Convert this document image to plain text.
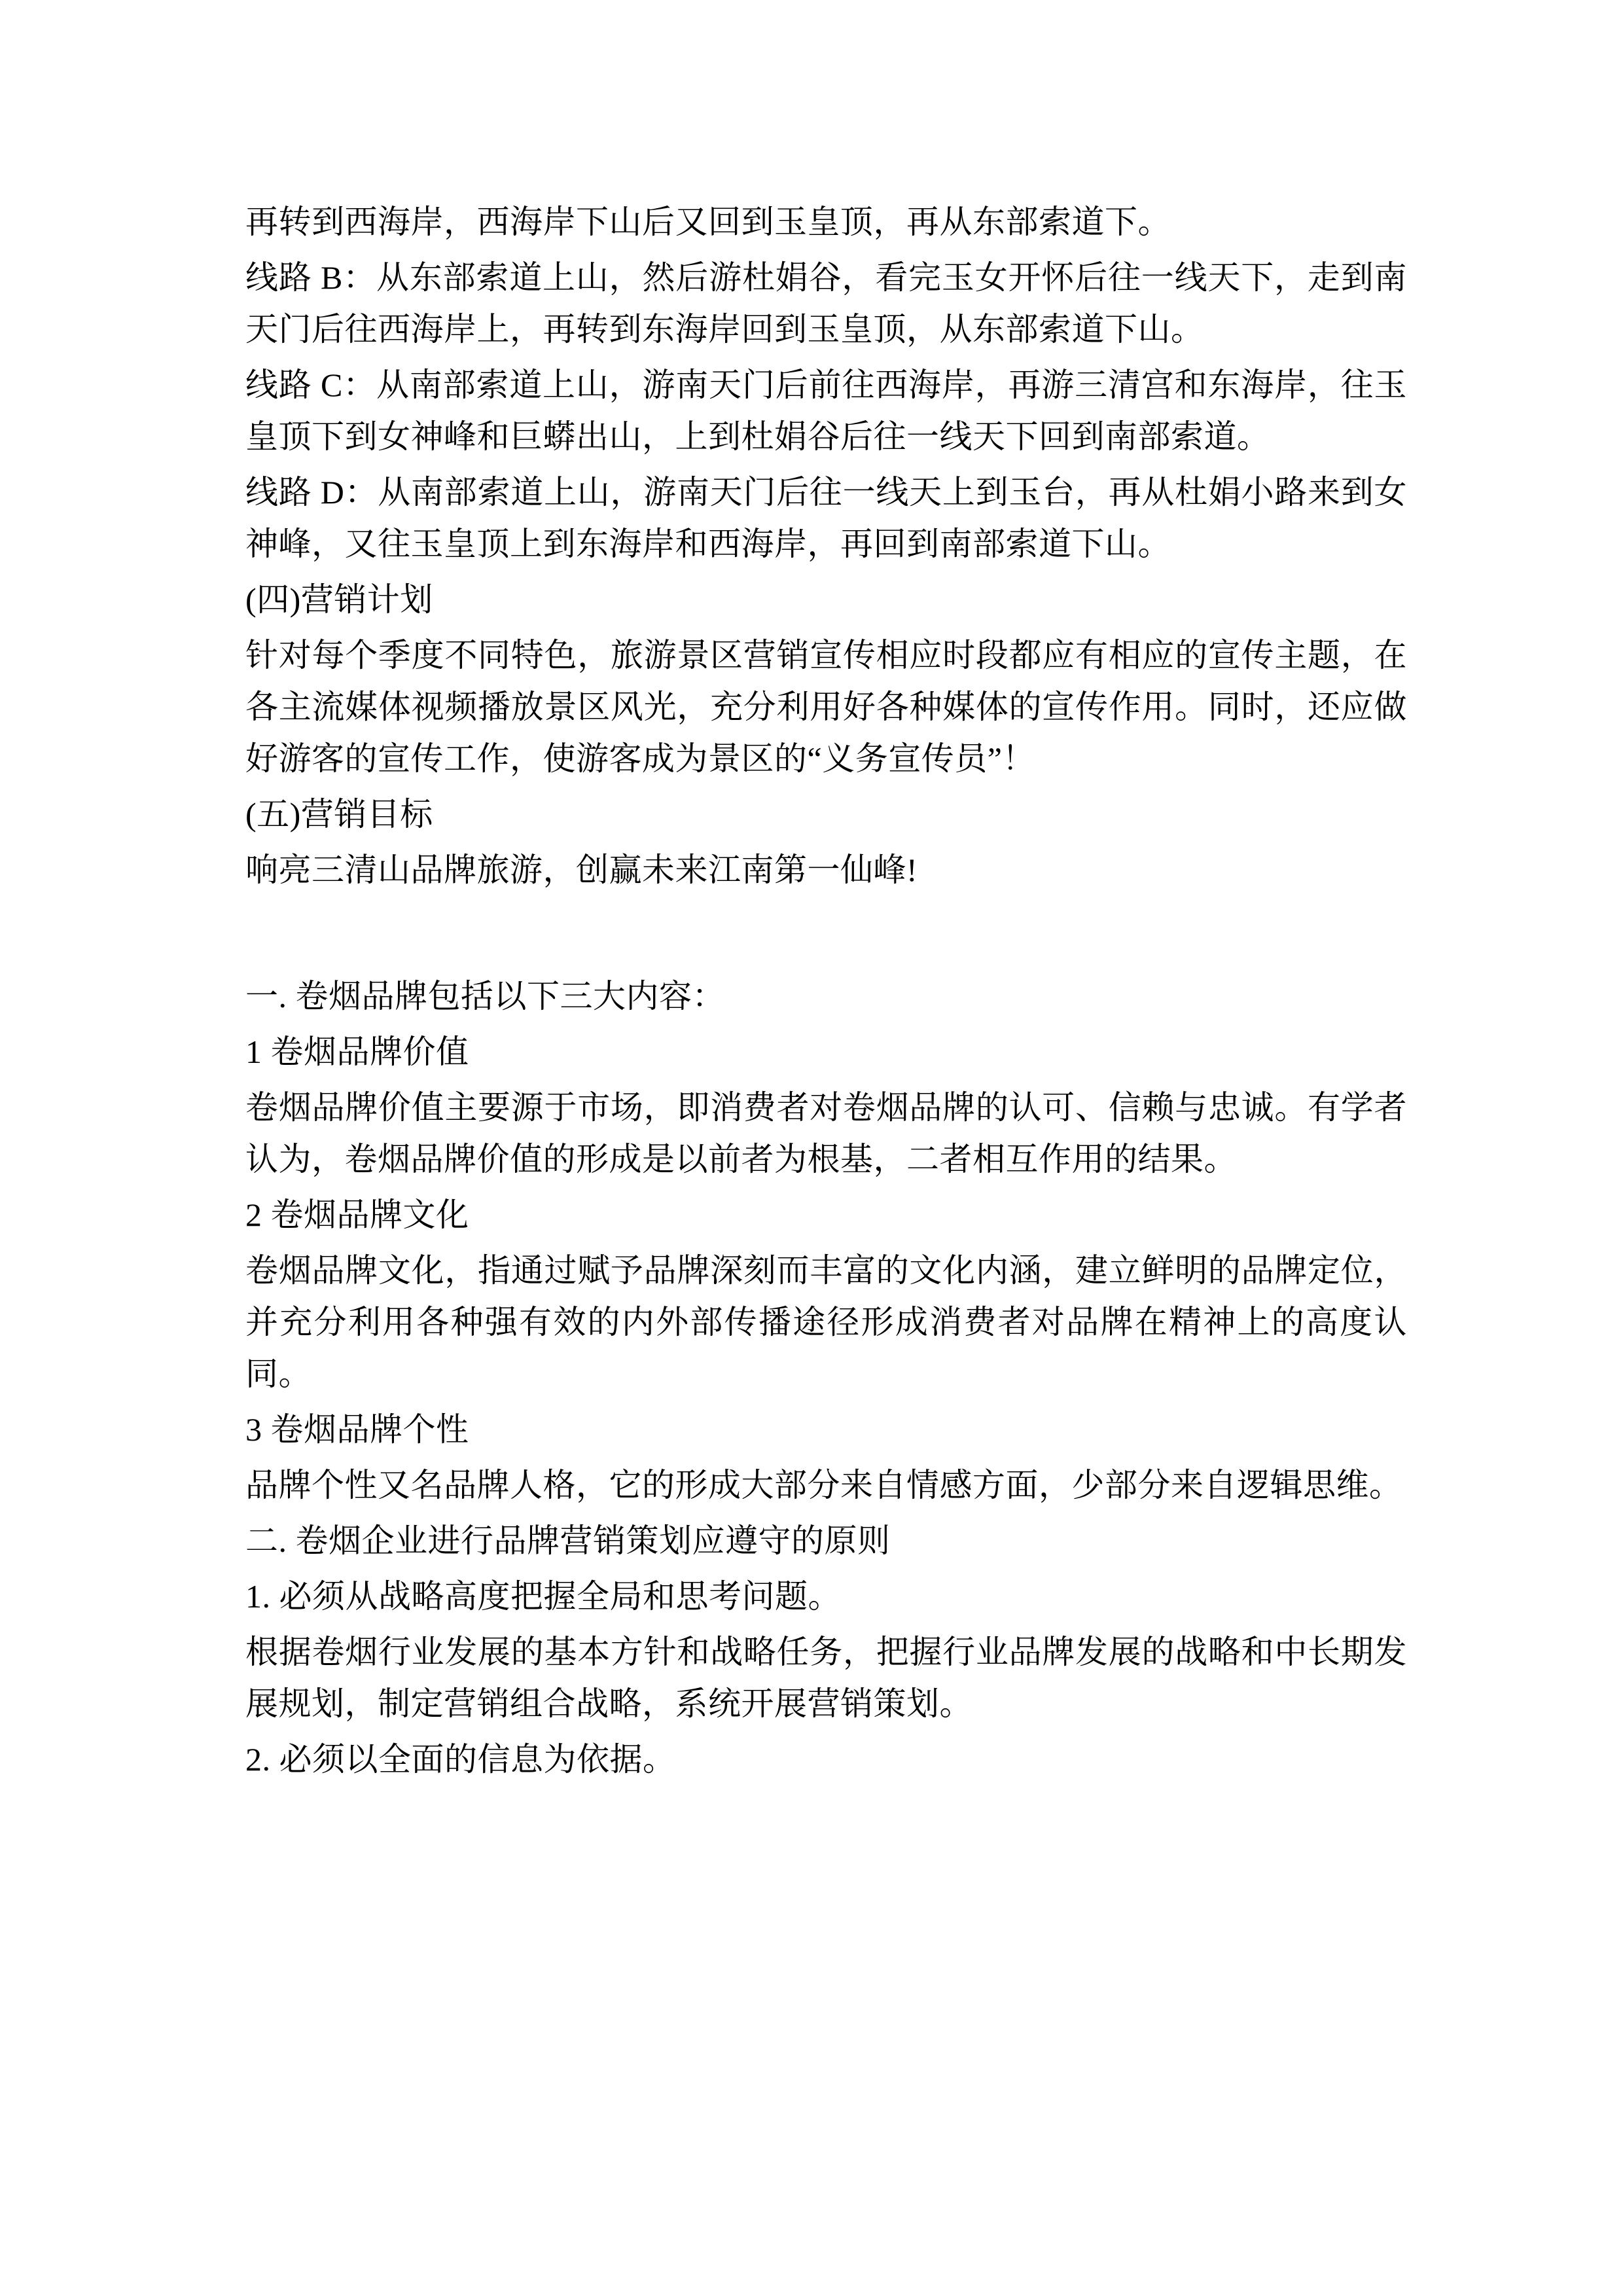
再转到西海岸，西海岸下山后又回到玉皇顶，再从东部索道下。

线路 B：从东部索道上山，然后游杜娟谷，看完玉女开怀后往一线天下，走到南天门后往西海岸上，再转到东海岸回到玉皇顶，从东部索道下山。

线路 C：从南部索道上山，游南天门后前往西海岸，再游三清宫和东海岸，往玉皇顶下到女神峰和巨蟒出山，上到杜娟谷后往一线天下回到南部索道。

线路 D：从南部索道上山，游南天门后往一线天上到玉台，再从杜娟小路来到女神峰，又往玉皇顶上到东海岸和西海岸，再回到南部索道下山。

(四)营销计划

针对每个季度不同特色，旅游景区营销宣传相应时段都应有相应的宣传主题，在各主流媒体视频播放景区风光，充分利用好各种媒体的宣传作用。同时，还应做好游客的宣传工作，使游客成为景区的“义务宣传员”！

(五)营销目标

响亮三清山品牌旅游，创赢未来江南第一仙峰!

一. 卷烟品牌包括以下三大内容：

1 卷烟品牌价值

卷烟品牌价值主要源于市场，即消费者对卷烟品牌的认可、信赖与忠诚。有学者认为，卷烟品牌价值的形成是以前者为根基，二者相互作用的结果。

2 卷烟品牌文化

卷烟品牌文化，指通过赋予品牌深刻而丰富的文化内涵，建立鲜明的品牌定位，并充分利用各种强有效的内外部传播途径形成消费者对品牌在精神上的高度认同。

3 卷烟品牌个性

品牌个性又名品牌人格，它的形成大部分来自情感方面，少部分来自逻辑思维。

二. 卷烟企业进行品牌营销策划应遵守的原则

1. 必须从战略高度把握全局和思考问题。

根据卷烟行业发展的基本方针和战略任务，把握行业品牌发展的战略和中长期发展规划，制定营销组合战略，系统开展营销策划。

2. 必须以全面的信息为依据。
